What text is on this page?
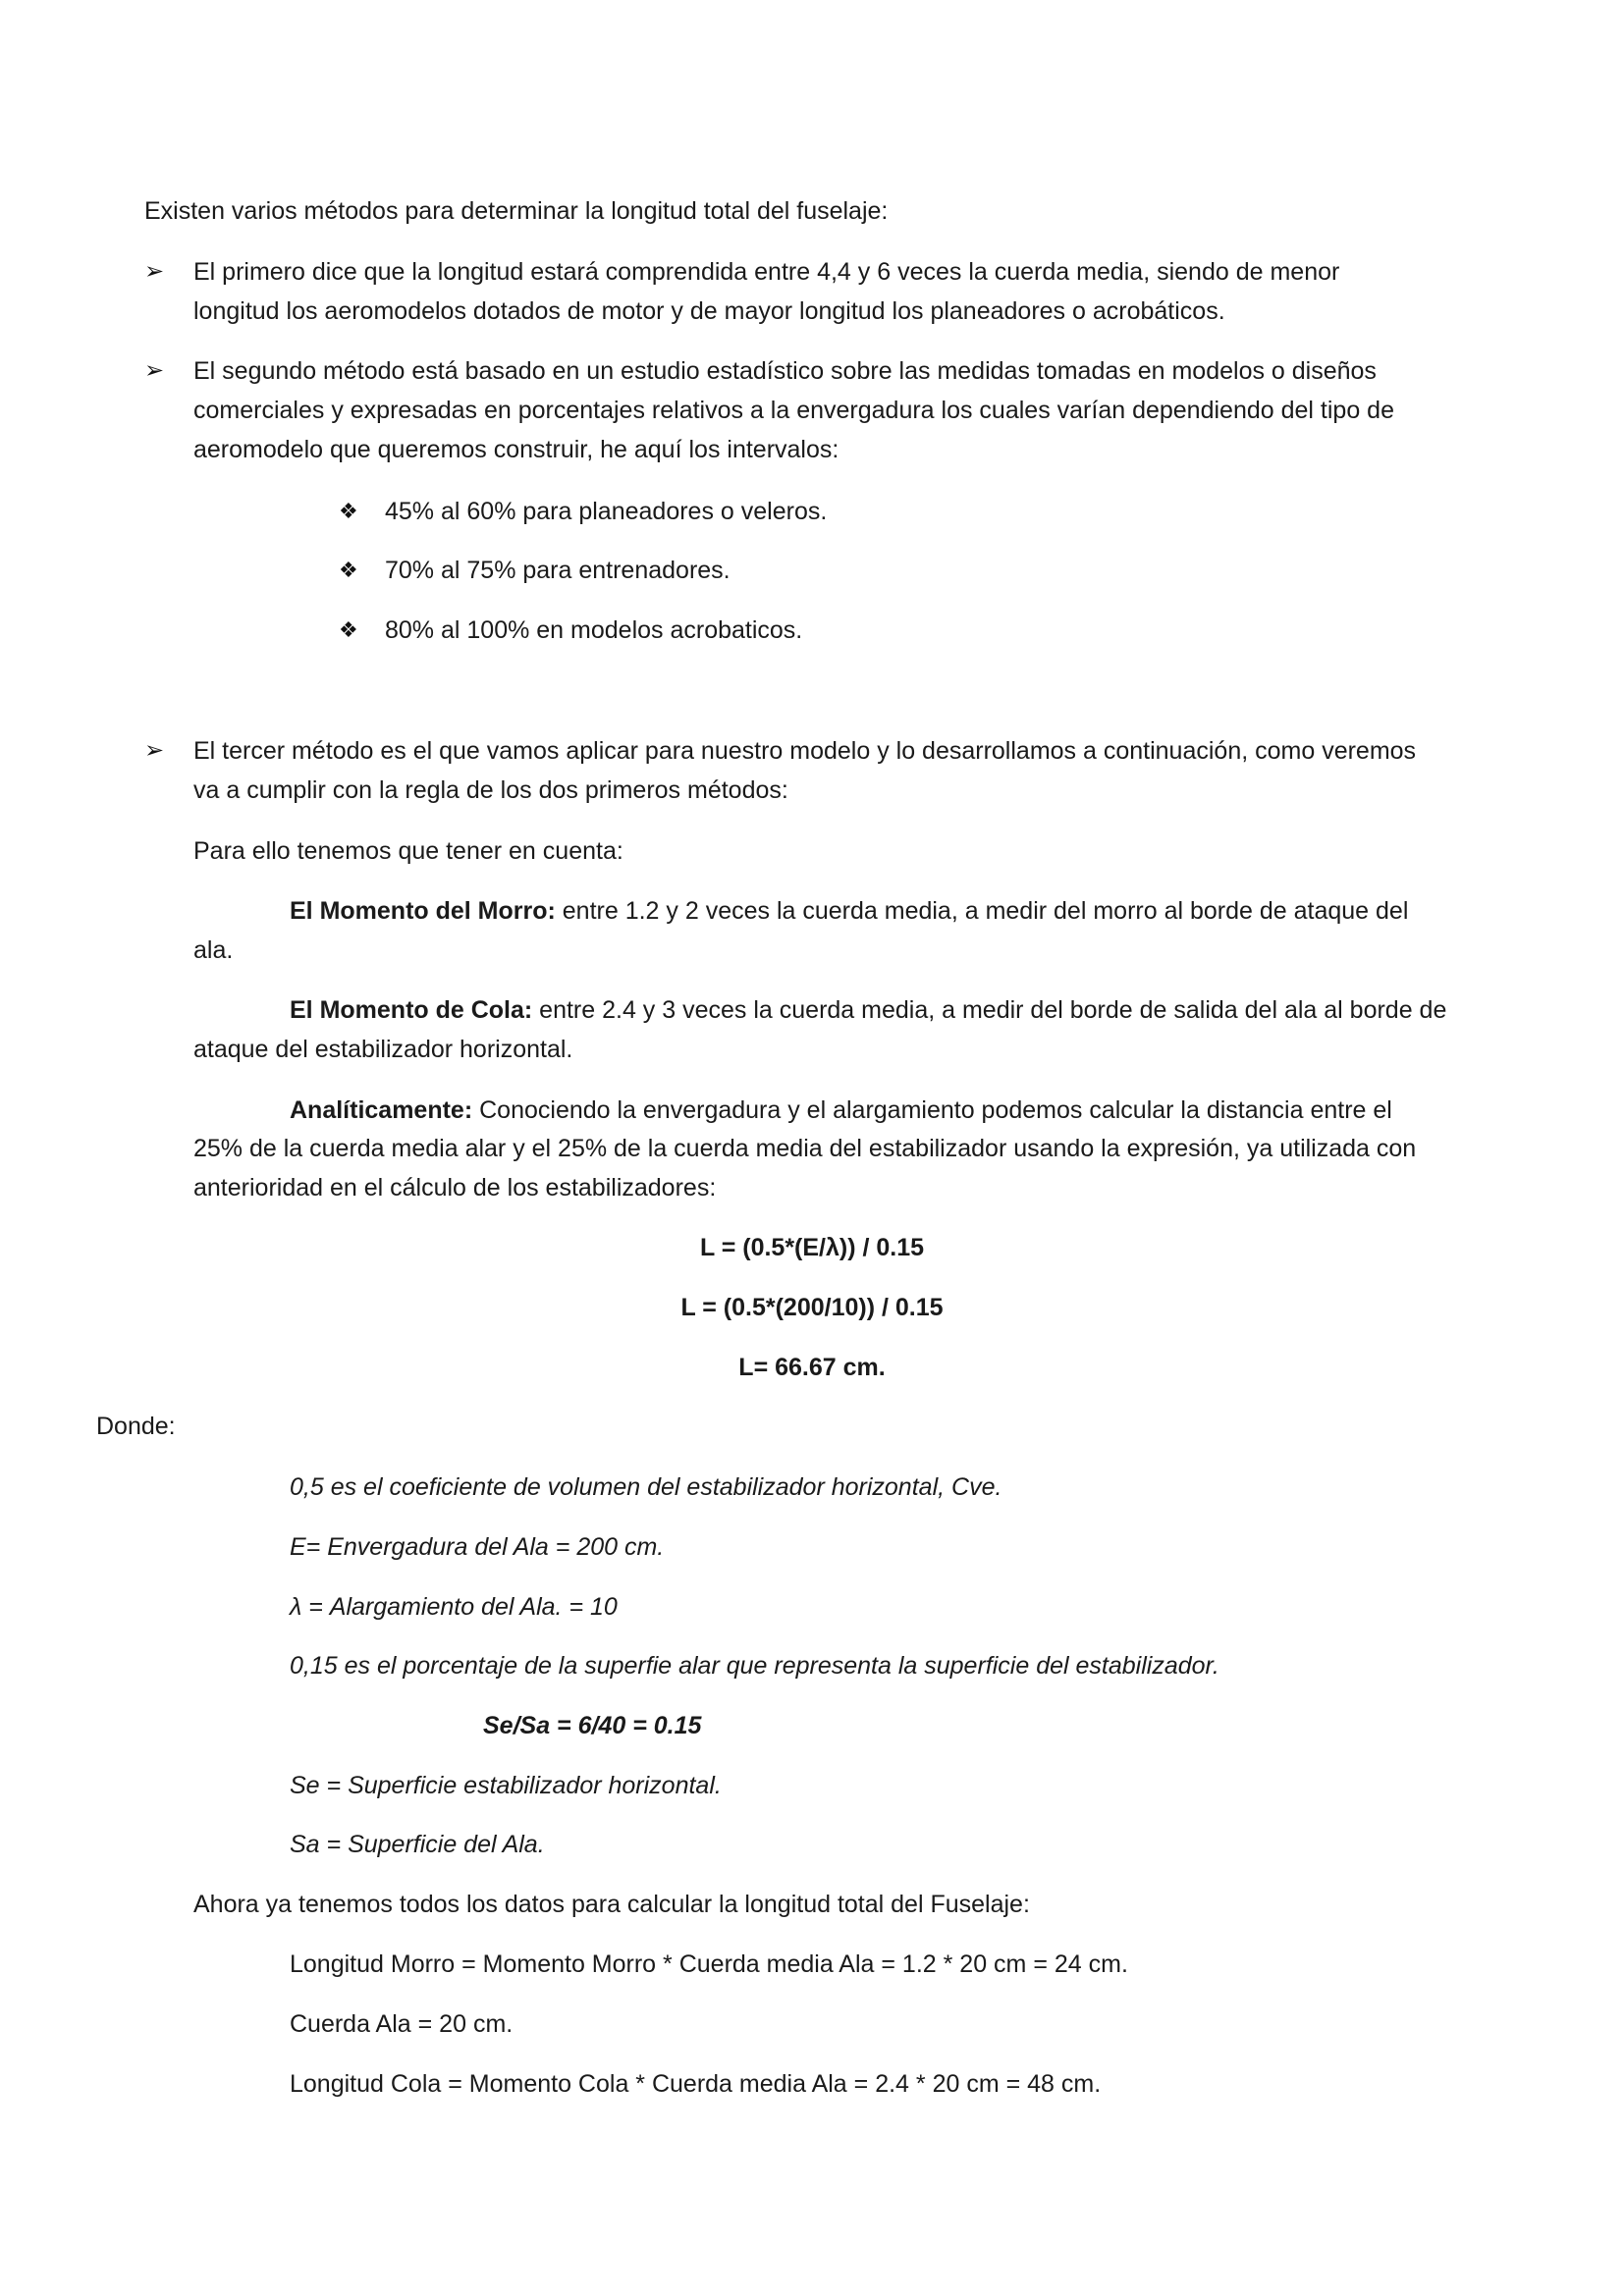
Existen varios métodos para determinar la longitud total del fuselaje:
➢ El primero dice que la longitud estará comprendida entre 4,4 y 6 veces la cuerda media, siendo de menor
longitud los aeromodelos dotados de motor y de mayor longitud los planeadores o acrobáticos.
➢ El segundo método está basado en un estudio estadístico sobre las medidas tomadas en modelos o diseños
comerciales y expresadas en porcentajes relativos a la envergadura los cuales varían dependiendo del tipo de
aeromodelo que queremos construir, he aquí los intervalos:
❖ 45% al 60% para planeadores o veleros.
❖ 70% al 75% para entrenadores.
❖ 80% al 100% en modelos acrobaticos.
➢ El tercer método es el que vamos aplicar para nuestro modelo y lo desarrollamos a continuación, como veremos
va a cumplir con la regla de los dos primeros métodos:
Para ello tenemos que tener en cuenta:
El Momento del Morro: entre 1.2 y 2 veces la cuerda media, a medir del morro al borde de ataque del
ala.
El Momento de Cola: entre 2.4 y 3 veces la cuerda media, a medir del borde de salida del ala al borde de
ataque del estabilizador horizontal.
Analíticamente: Conociendo la envergadura y el alargamiento podemos calcular la distancia entre el
25% de la cuerda media alar y el 25% de la cuerda media del estabilizador usando la expresión, ya utilizada con
anterioridad en el cálculo de los estabilizadores:
L = (0.5*(E/λ)) / 0.15
L = (0.5*(200/10)) / 0.15
L= 66.67 cm.
Donde:
0,5 es el coeficiente de volumen del estabilizador horizontal, Cve.
E= Envergadura del Ala = 200 cm.
λ = Alargamiento del Ala. = 10
0,15 es el porcentaje de la superfie alar que representa la superficie del estabilizador.
Se/Sa = 6/40 = 0.15
Se = Superficie estabilizador horizontal.
Sa = Superficie del Ala.
Ahora ya tenemos todos los datos para calcular la longitud total del Fuselaje:
Longitud Morro = Momento Morro * Cuerda media Ala = 1.2 * 20 cm = 24 cm.
Cuerda Ala = 20 cm.
Longitud Cola = Momento Cola * Cuerda media Ala = 2.4 * 20 cm = 48 cm.
